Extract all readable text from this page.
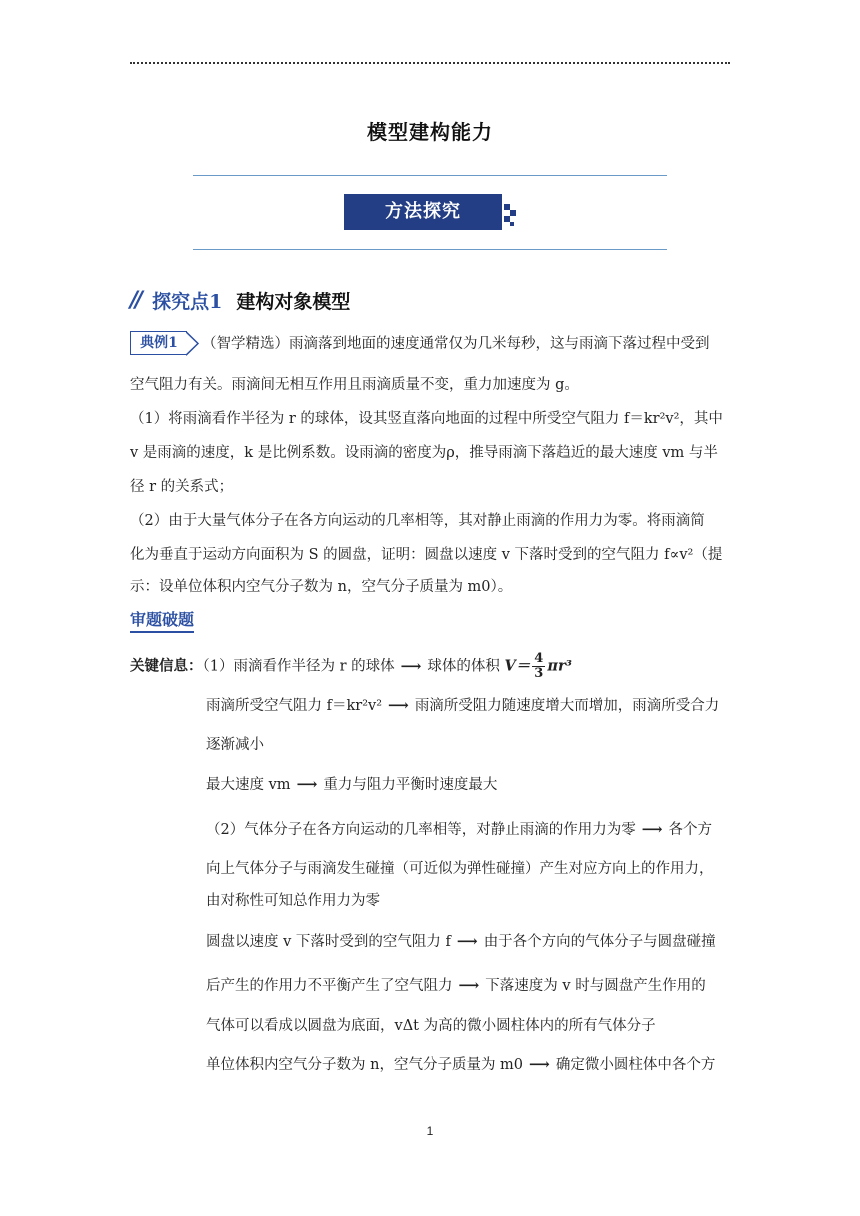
模型建构能力
方法探究
// 探究点1 建构对象模型
典例1	（智学精选）雨滴落到地面的速度通常仅为几米每秒，这与雨滴下落过程中受到
空气阻力有关。雨滴间无相互作用且雨滴质量不变，重力加速度为 g。
（1）将雨滴看作半径为 r 的球体，设其竖直落向地面的过程中所受空气阻力 f＝kr²v²，其中
v 是雨滴的速度，k 是比例系数。设雨滴的密度为ρ，推导雨滴下落趋近的最大速度 vm 与半
径 r 的关系式；
（2）由于大量气体分子在各方向运动的几率相等，其对静止雨滴的作用力为零。将雨滴简
化为垂直于运动方向面积为 S 的圆盘，证明：圆盘以速度 v 下落时受到的空气阻力 f∝v²（提
示：设单位体积内空气分子数为 n，空气分子质量为 m0）。
审题破题
关键信息：（1）雨滴看作半径为 r 的球体 ⟶ 球体的体积 $V= \frac{4}{3} \pi r^3$
雨滴所受空气阻力 f＝kr²v² ⟶ 雨滴所受阻力随速度增大而增加，雨滴所受合力
逐渐减小
最大速度 vm ⟶ 重力与阻力平衡时速度最大
（2）气体分子在各方向运动的几率相等，对静止雨滴的作用力为零 ⟶ 各个方
向上气体分子与雨滴发生碰撞（可近似为弹性碰撞）产生对应方向上的作用力，
由对称性可知总作用力为零
圆盘以速度 v 下落时受到的空气阻力 f ⟶ 由于各个方向的气体分子与圆盘碰撞
后产生的作用力不平衡产生了空气阻力 ⟶ 下落速度为 v 时与圆盘产生作用的
气体可以看成以圆盘为底面，vΔt 为高的微小圆柱体内的所有气体分子
单位体积内空气分子数为 n，空气分子质量为 m0 ⟶ 确定微小圆柱体中各个方
1
